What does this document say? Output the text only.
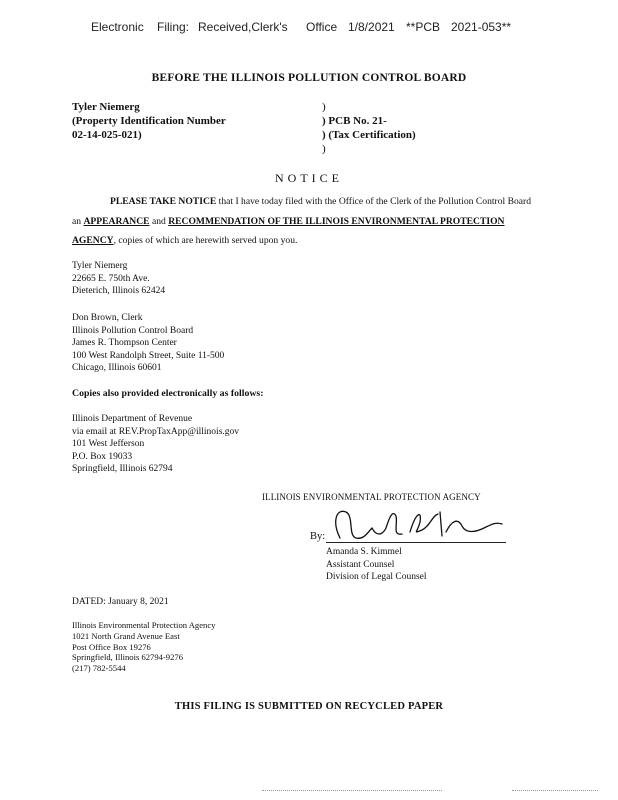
Electronic Filing: Received,Clerk's Office 1/8/2021 **PCB 2021-053**
BEFORE THE ILLINOIS POLLUTION CONTROL BOARD
Tyler Niemerg
(Property Identification Number
02-14-025-021)
)
) PCB No. 21-
) (Tax Certification)
)
NOTICE
PLEASE TAKE NOTICE that I have today filed with the Office of the Clerk of the Pollution Control Board an APPEARANCE and RECOMMENDATION OF THE ILLINOIS ENVIRONMENTAL PROTECTION AGENCY, copies of which are herewith served upon you.
Tyler Niemerg
22665 E. 750th Ave.
Dieterich, Illinois 62424
Don Brown, Clerk
Illinois Pollution Control Board
James R. Thompson Center
100 West Randolph Street, Suite 11-500
Chicago, Illinois 60601
Copies also provided electronically as follows:
Illinois Department of Revenue
via email at REV.PropTaxApp@illinois.gov
101 West Jefferson
P.O. Box 19033
Springfield, Illinois 62794
ILLINOIS ENVIRONMENTAL PROTECTION AGENCY
By:
Amanda S. Kimmel
Assistant Counsel
Division of Legal Counsel
DATED: January 8, 2021
Illinois Environmental Protection Agency
1021 North Grand Avenue East
Post Office Box 19276
Springfield, Illinois 62794-9276
(217) 782-5544
THIS FILING IS SUBMITTED ON RECYCLED PAPER
